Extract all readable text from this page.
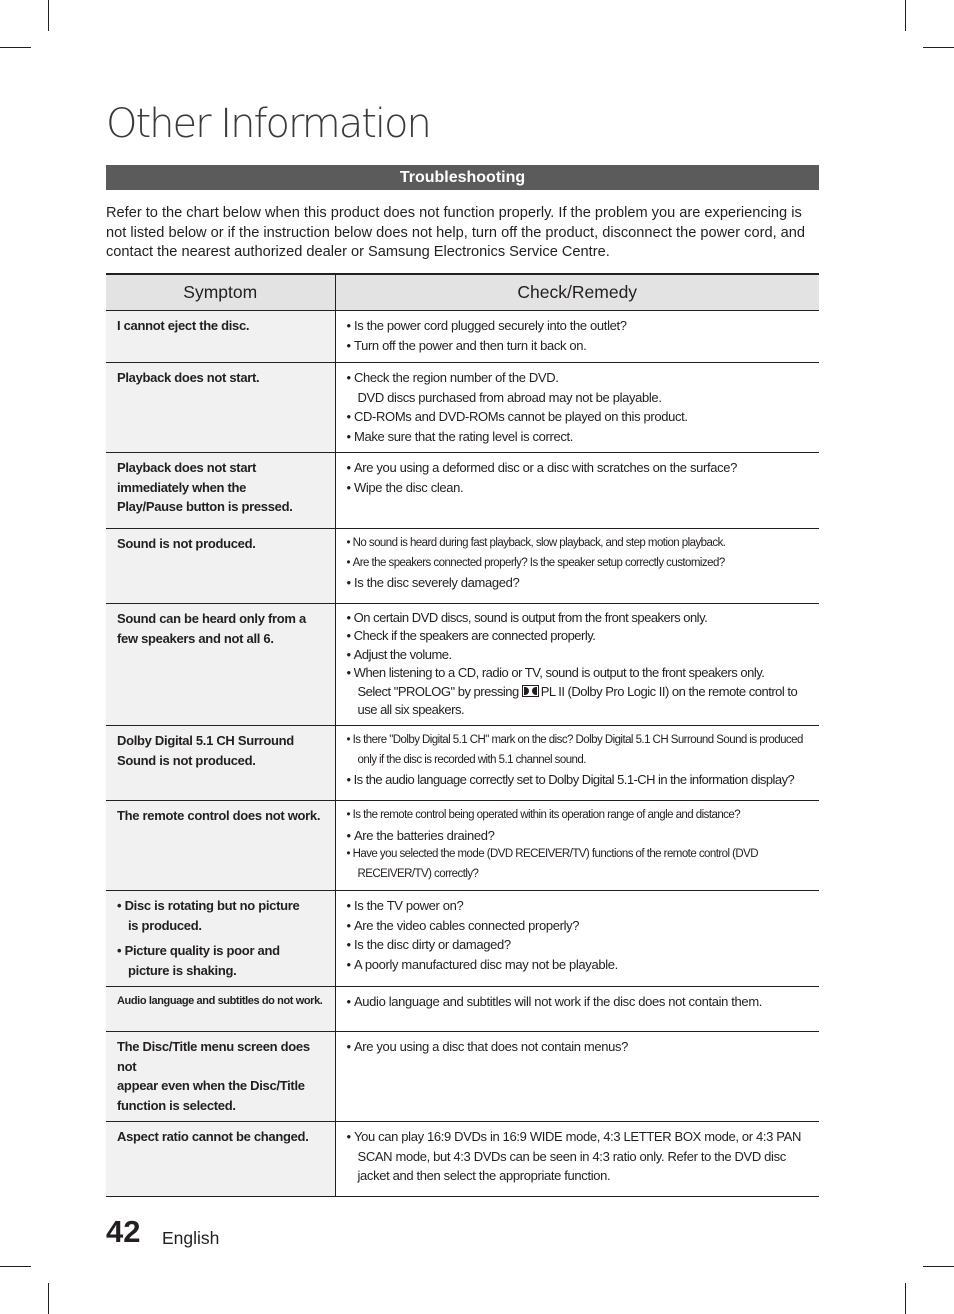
Other Information
Troubleshooting
Refer to the chart below when this product does not function properly. If the problem you are experiencing is not listed below or if the instruction below does not help, turn off the product, disconnect the power cord, and contact the nearest authorized dealer or Samsung Electronics Service Centre.
Symptom	Check/Remedy
I cannot eject the disc.	• Is the power cord plugged securely into the outlet?
• Turn off the power and then turn it back on.

Playback does not start.	• Check the region number of the DVD.
DVD discs purchased from abroad may not be playable.
• CD-ROMs and DVD-ROMs cannot be played on this product.
• Make sure that the rating level is correct.

Playback does not start
immediately when the
Play/Pause button is pressed.	• Are you using a deformed disc or a disc with scratches on the surface?
• Wipe the disc clean.

Sound is not produced.	• No sound is heard during fast playback, slow playback, and step motion playback.
• Are the speakers connected properly? Is the speaker setup correctly customized?
• Is the disc severely damaged?

Sound can be heard only from a
few speakers and not all 6.	• On certain DVD discs, sound is output from the front speakers only.
• Check if the speakers are connected properly.
• Adjust the volume.
• When listening to a CD, radio or TV, sound is output to the front speakers only.
Select "PROLOG" by pressing PL II (Dolby Pro Logic II) on the remote control to use all six speakers.

Dolby Digital 5.1 CH Surround
Sound is not produced.	• Is there "Dolby Digital 5.1 CH" mark on the disc? Dolby Digital 5.1 CH Surround Sound is produced only if the disc is recorded with 5.1 channel sound.
• Is the audio language correctly set to Dolby Digital 5.1-CH in the information display?

The remote control does not work.	• Is the remote control being operated within its operation range of angle and distance?
• Are the batteries drained?
• Have you selected the mode (DVD RECEIVER/TV) functions of the remote control (DVD RECEIVER/TV) correctly?

• Disc is rotating but no picture is produced.
• Picture quality is poor and picture is shaking.	• Is the TV power on?
• Are the video cables connected properly?
• Is the disc dirty or damaged?
• A poorly manufactured disc may not be playable.

Audio language and subtitles do not work.	• Audio language and subtitles will not work if the disc does not contain them.

The Disc/Title menu screen does not
appear even when the Disc/Title
function is selected.	• Are you using a disc that does not contain menus?

Aspect ratio cannot be changed.	• You can play 16:9 DVDs in 16:9 WIDE mode, 4:3 LETTER BOX mode, or 4:3 PAN SCAN mode, but 4:3 DVDs can be seen in 4:3 ratio only. Refer to the DVD disc jacket and then select the appropriate function.
42 English
